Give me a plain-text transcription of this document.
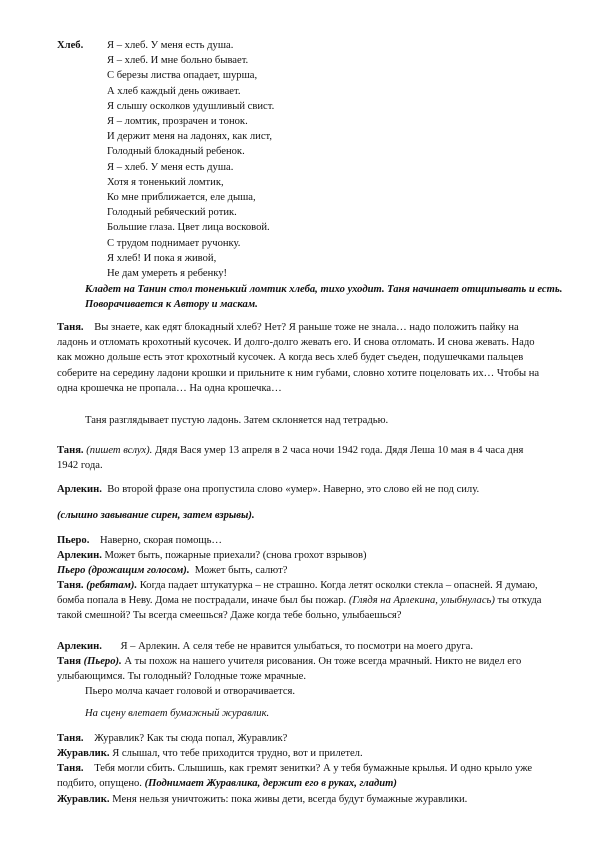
Хлеб. Я – хлеб. У меня есть душа.
Я – хлеб. И мне больно бывает.
С березы листва опадает, шурша,
А хлеб каждый день оживает.
Я слышу осколков удушливый свист.
Я – ломтик, прозрачен и тонок.
И держит меня на ладонях, как лист,
Голодный блокадный ребенок.
Я – хлеб. У меня есть душа.
Хотя я тоненький ломтик,
Ко мне приближается, еле дыша,
Голодный ребяческий ротик.
Большие глаза. Цвет лица восковой.
С трудом поднимает ручонку.
Я хлеб! И пока я живой,
Не дам умереть я ребенку!

Кладет на Танин стол тоненький ломтик хлеба, тихо уходит. Таня начинает отщипывать и есть. Поворачивается к Автору и маскам.

Таня. Вы знаете, как едят блокадный хлеб? Нет? Я раньше тоже не знала… надо положить пайку на ладонь и отломать крохотный кусочек. И долго-долго жевать его. И снова отломать. И снова жевать. Надо как можно дольше есть этот крохотный кусочек. А когда весь хлеб будет съеден, подушечками пальцев соберите на середину ладони крошки и прильните к ним губами, словно хотите поцеловать их… Чтобы на одна крошечка не пропала… На одна крошечка…

Таня разглядывает пустую ладонь. Затем склоняется над тетрадью.

Таня. (пишет вслух). Дядя Вася умер 13 апреля в 2 часа ночи 1942 года. Дядя Леша 10 мая в 4 часа дня 1942 года.

Арлекин. Во второй фразе она пропустила слово «умер». Наверно, это слово ей не под силу.

(слышно завывание сирен, затем взрывы).

Пьеро. Наверно, скорая помощь…

Арлекин. Может быть, пожарные приехали? (снова грохот взрывов)

Пьеро (дрожащим голосом). Может быть, салют?

Таня. (ребятам). Когда падает штукатурка – не страшно. Когда летят осколки стекла – опасней. Я думаю, бомба попала в Неву. Дома не пострадали, иначе был бы пожар. (Глядя на Арлекина, улыбнулась) ты откуда такой смешной? Ты всегда смеешься? Даже когда тебе больно, улыбаешься?

Арлекин. Я – Арлекин. А селя тебе не нравится улыбаться, то посмотри на моего друга.

Таня (Пьеро). А ты похож на нашего учителя рисования. Он тоже всегда мрачный. Никто не видел его улыбающимся. Ты голодный? Голодные тоже мрачные.

Пьеро молча качает головой и отворачивается.

На сцену влетает бумажный журавлик.

Таня. Журавлик? Как ты сюда попал, Журавлик?

Журавлик. Я слышал, что тебе приходится трудно, вот и прилетел.

Таня. Тебя могли сбить. Слышишь, как гремят зенитки? А у тебя бумажные крылья. И одно крыло уже подбито, опущено. (Поднимает Журавлика, держит его в руках, гладит)

Журавлик. Меня нельзя уничтожить: пока живы дети, всегда будут бумажные журавлики.
